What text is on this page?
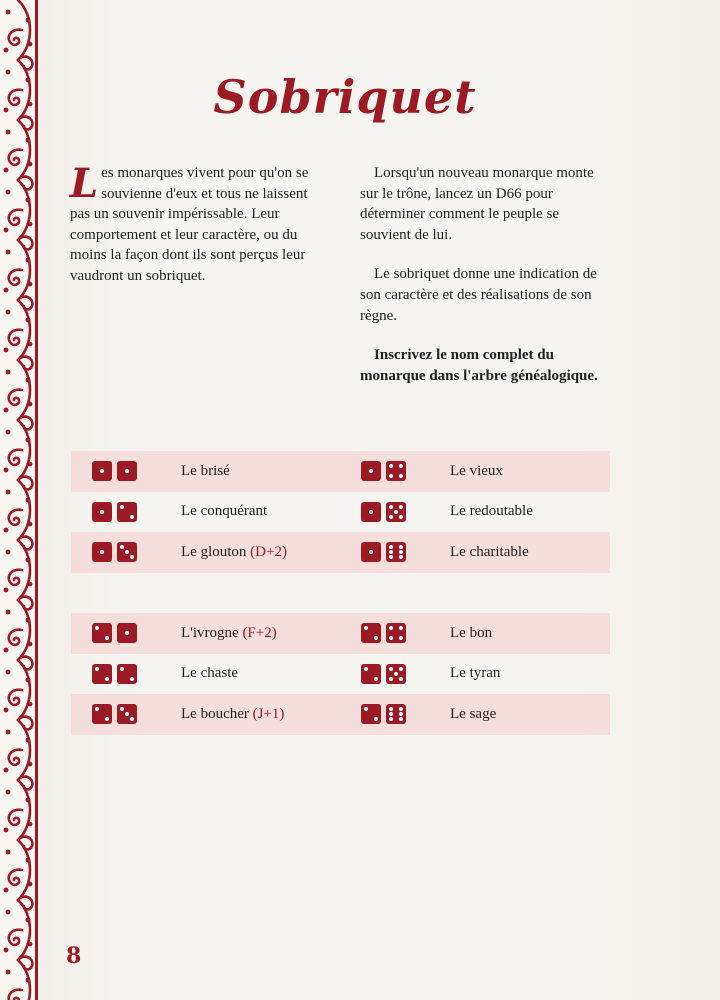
Sobriquet
L es monarques vivent pour qu'on se souvienne d'eux et tous ne laissent pas un souvenir impérissable. Leur comportement et leur caractère, ou du moins la façon dont ils sont perçus leur vaudront un sobriquet.

Lorsqu'un nouveau monarque monte sur le trône, lancez un D66 pour déterminer comment le peuple se souvient de lui.

Le sobriquet donne une indication de son caractère et des réalisations de son règne.

Inscrivez le nom complet du monarque dans l'arbre généalogique.

Le brisé	Le vieux
Le conquérant	Le redoutable
Le glouton (D+2)	Le charitable
L'ivrogne (F+2)	Le bon
Le chaste	Le tyran
Le boucher (J+1)	Le sage
8
